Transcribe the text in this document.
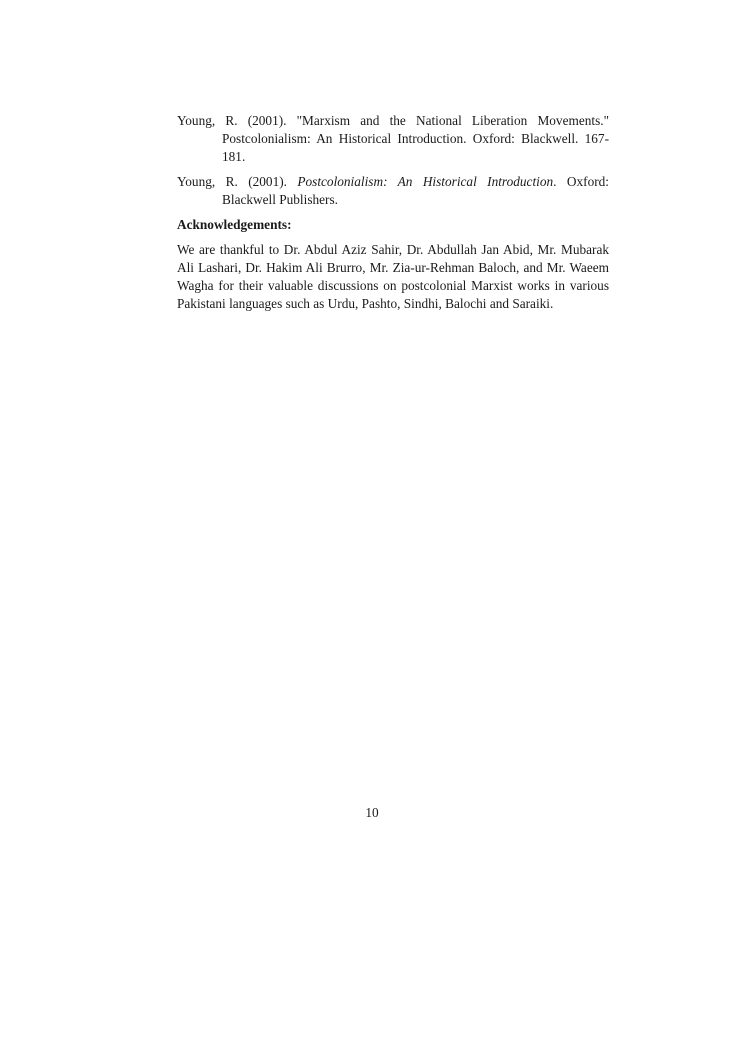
Young, R. (2001). "Marxism and the National Liberation Movements." Postcolonialism: An Historical Introduction. Oxford: Blackwell. 167-181.

Young, R. (2001). Postcolonialism: An Historical Introduction. Oxford: Blackwell Publishers.

Acknowledgements:

We are thankful to Dr. Abdul Aziz Sahir, Dr. Abdullah Jan Abid, Mr. Mubarak Ali Lashari, Dr. Hakim Ali Brurro, Mr. Zia-ur-Rehman Baloch, and Mr. Waeem Wagha for their valuable discussions on postcolonial Marxist works in various Pakistani languages such as Urdu, Pashto, Sindhi, Balochi and Saraiki.

10
